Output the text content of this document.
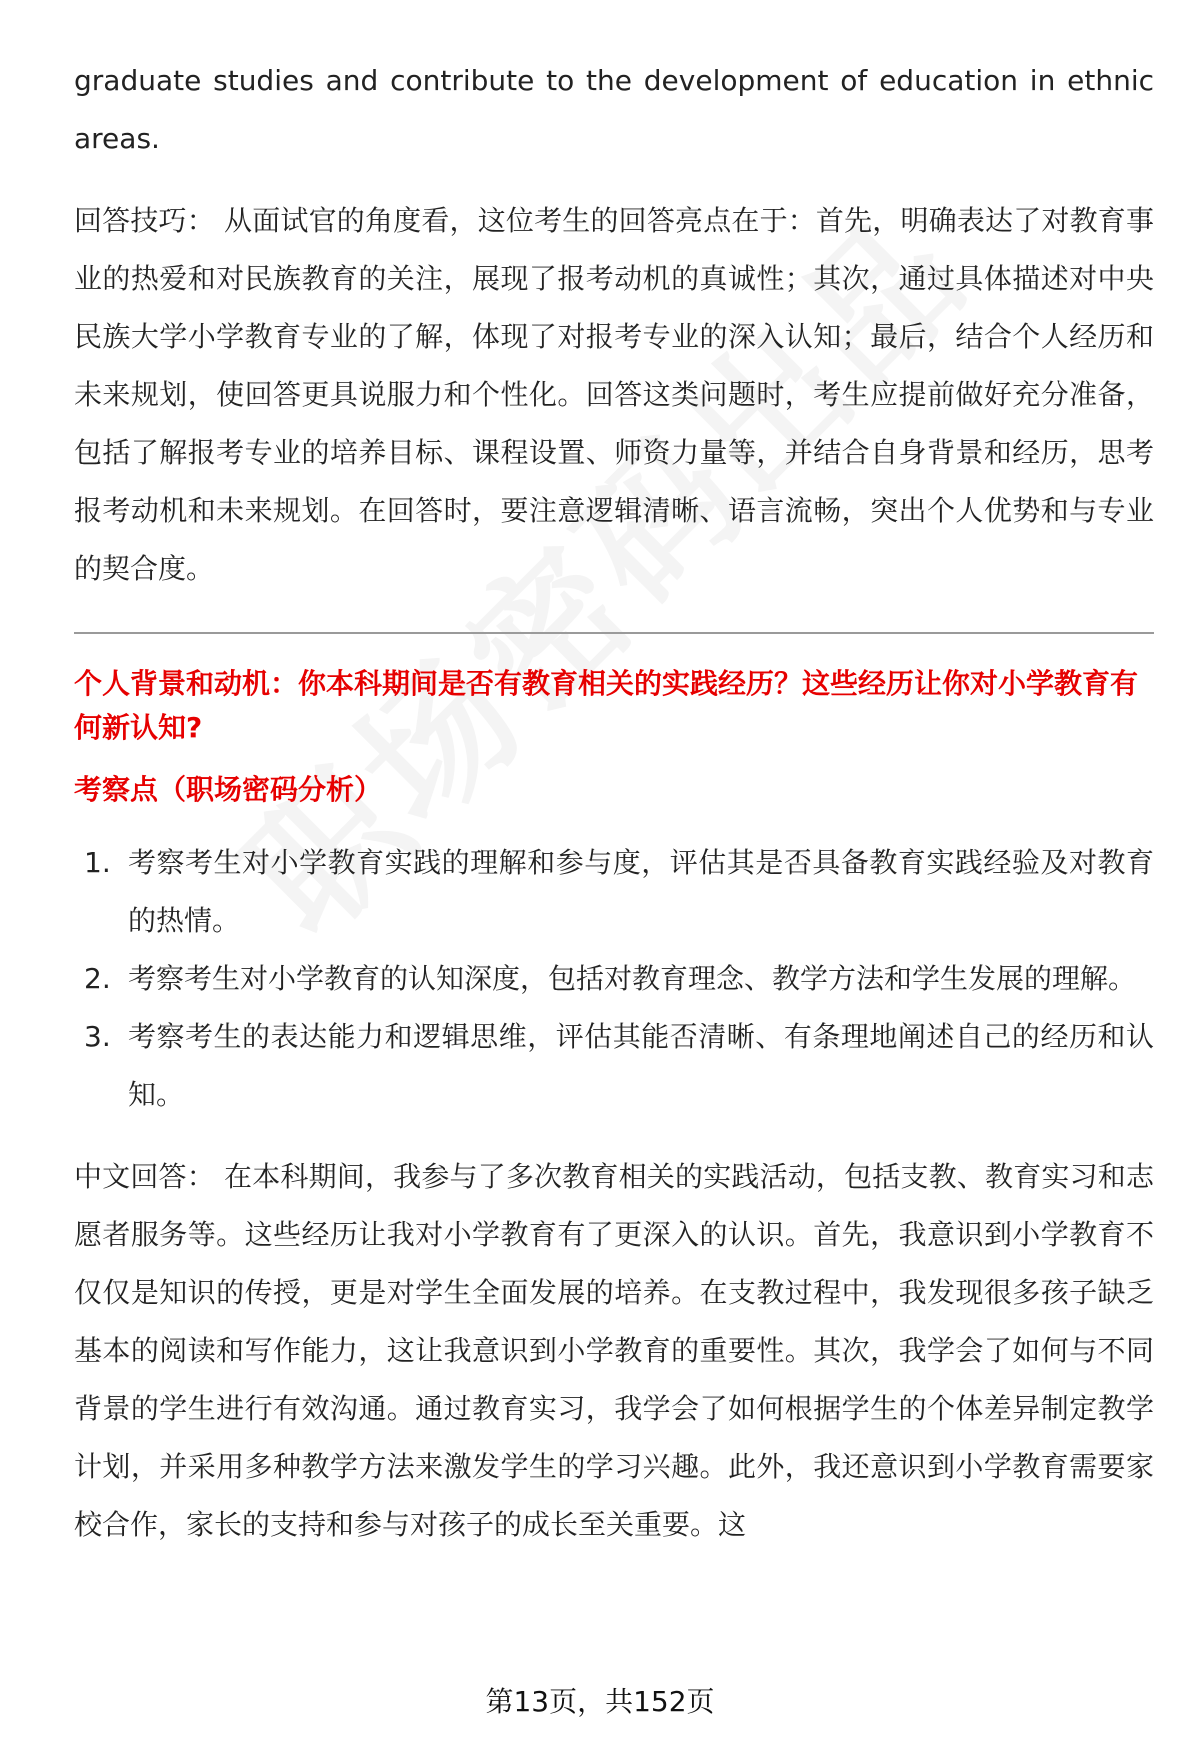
graduate studies and contribute to the development of education in ethnic areas.

回答技巧： 从面试官的角度看，这位考生的回答亮点在于：首先，明确表达了对教育事业的热爱和对民族教育的关注，展现了报考动机的真诚性；其次，通过具体描述对中央民族大学小学教育专业的了解，体现了对报考专业的深入认知；最后，结合个人经历和未来规划，使回答更具说服力和个性化。回答这类问题时，考生应提前做好充分准备，包括了解报考专业的培养目标、课程设置、师资力量等，并结合自身背景和经历，思考报考动机和未来规划。在回答时，要注意逻辑清晰、语言流畅，突出个人优势和与专业的契合度。

个人背景和动机：你本科期间是否有教育相关的实践经历？这些经历让你对小学教育有何新认知?

考察点（职场密码分析）

1. 考察考生对小学教育实践的理解和参与度，评估其是否具备教育实践经验及对教育的热情。
2. 考察考生对小学教育的认知深度，包括对教育理念、教学方法和学生发展的理解。
3. 考察考生的表达能力和逻辑思维，评估其能否清晰、有条理地阐述自己的经历和认知。

中文回答： 在本科期间，我参与了多次教育相关的实践活动，包括支教、教育实习和志愿者服务等。这些经历让我对小学教育有了更深入的认识。首先，我意识到小学教育不仅仅是知识的传授，更是对学生全面发展的培养。在支教过程中，我发现很多孩子缺乏基本的阅读和写作能力，这让我意识到小学教育的重要性。其次，我学会了如何与不同背景的学生进行有效沟通。通过教育实习，我学会了如何根据学生的个体差异制定教学计划，并采用多种教学方法来激发学生的学习兴趣。此外，我还意识到小学教育需要家校合作，家长的支持和参与对孩子的成长至关重要。这

第13页，共152页
